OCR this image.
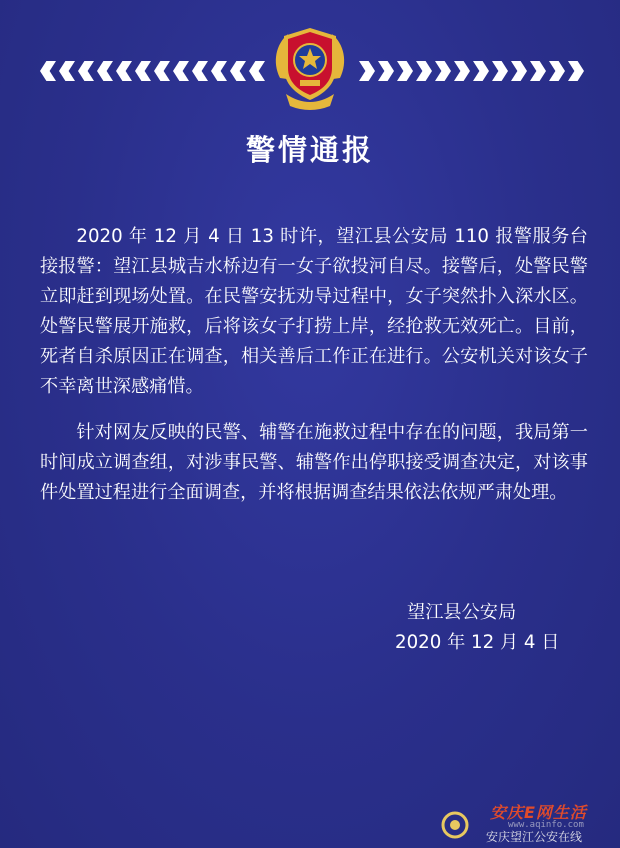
警情通报

2020 年 12 月 4 日 13 时许，望江县公安局 110 报警服务台接报警：望江县城吉水桥边有一女子欲投河自尽。接警后，处警民警立即赶到现场处置。在民警安抚劝导过程中，女子突然扑入深水区。处警民警展开施救，后将该女子打捞上岸，经抢救无效死亡。目前，死者自杀原因正在调查，相关善后工作正在进行。公安机关对该女子不幸离世深感痛惜。

针对网友反映的民警、辅警在施救过程中存在的问题，我局第一时间成立调查组，对涉事民警、辅警作出停职接受调查决定，对该事件处置过程进行全面调查，并将根据调查结果依法依规严肃处理。

望江县公安局
2020 年 12 月 4 日
安庆E网生活
www.aqinfo.com
安庆望江公安在线
